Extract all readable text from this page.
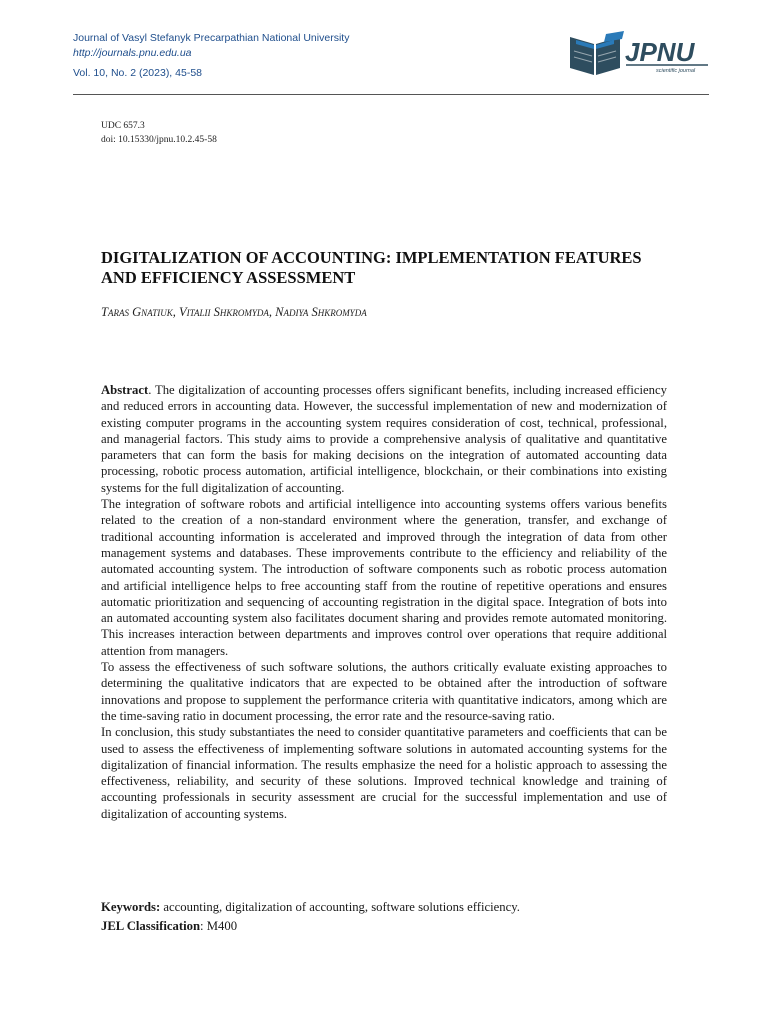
Journal of Vasyl Stefanyk Precarpathian National University
http://journals.pnu.edu.ua
Vol. 10, No. 2 (2023), 45-58
JPNU
scientific journal
UDC 657.3
doi: 10.15330/jpnu.10.2.45-58
DIGITALIZATION OF ACCOUNTING: IMPLEMENTATION FEATURES AND EFFICIENCY ASSESSMENT
Taras Gnatiuk, Vitalii Shkromyda, Nadiya Shkromyda

Abstract. The digitalization of accounting processes offers significant benefits, including increased efficiency and reduced errors in accounting data. However, the successful implementation of new and modernization of existing computer programs in the accounting system requires consideration of cost, technical, professional, and managerial factors. This study aims to provide a comprehensive analysis of qualitative and quantitative parameters that can form the basis for making decisions on the integration of automated accounting data processing, robotic process automation, artificial intelligence, blockchain, or their combinations into existing systems for the full digitalization of accounting.

The integration of software robots and artificial intelligence into accounting systems offers various benefits related to the creation of a non-standard environment where the generation, transfer, and exchange of traditional accounting information is accelerated and improved through the integration of data from other management systems and databases. These improvements contribute to the efficiency and reliability of the automated accounting system. The introduction of software components such as robotic process automation and artificial intelligence helps to free accounting staff from the routine of repetitive operations and ensures automatic prioritization and sequencing of accounting registration in the digital space. Integration of bots into an automated accounting system also facilitates document sharing and provides remote automated monitoring. This increases interaction between departments and improves control over operations that require additional attention from managers.

To assess the effectiveness of such software solutions, the authors critically evaluate existing approaches to determining the qualitative indicators that are expected to be obtained after the introduction of software innovations and propose to supplement the performance criteria with quantitative indicators, among which are the time-saving ratio in document processing, the error rate and the resource-saving ratio.

In conclusion, this study substantiates the need to consider quantitative parameters and coefficients that can be used to assess the effectiveness of implementing software solutions in automated accounting systems for the digitalization of financial information. The results emphasize the need for a holistic approach to assessing the effectiveness, reliability, and security of these solutions. Improved technical knowledge and training of accounting professionals in security assessment are crucial for the successful implementation and use of digitalization of accounting systems.

Keywords: accounting, digitalization of accounting, software solutions efficiency.
JEL Classification: M400
